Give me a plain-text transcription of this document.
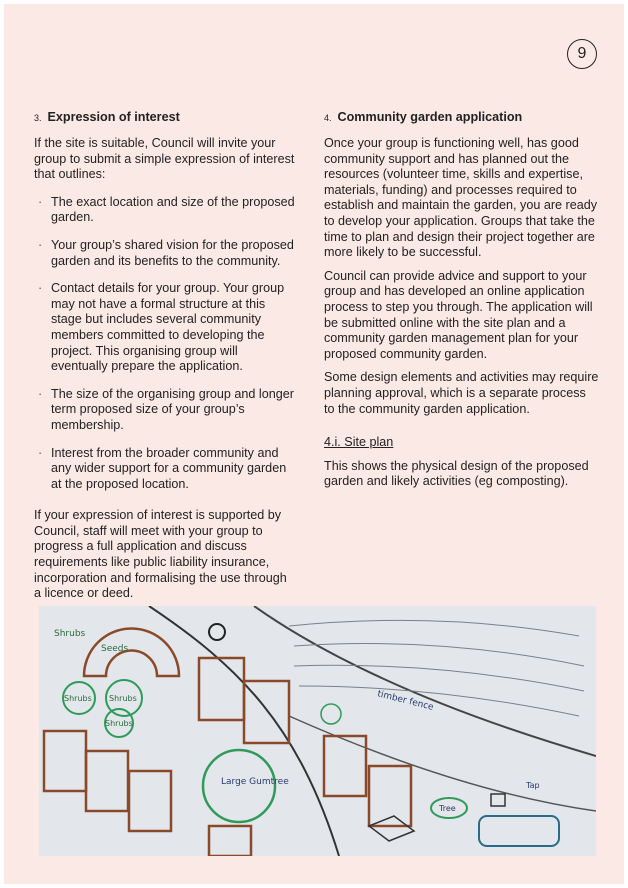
9
3. Expression of interest

If the site is suitable, Council will invite your group to submit a simple expression of interest that outlines:

· The exact location and size of the proposed garden.
· Your group’s shared vision for the proposed garden and its benefits to the community.
· Contact details for your group. Your group may not have a formal structure at this stage but includes several community members committed to developing the project. This organising group will eventually prepare the application.
· The size of the organising group and longer term proposed size of your group’s membership.
· Interest from the broader community and any wider support for a community garden at the proposed location.

If your expression of interest is supported by Council, staff will meet with your group to progress a full application and discuss requirements like public liability insurance, incorporation and formalising the use through a licence or deed.

4. Community garden application

Once your group is functioning well, has good community support and has planned out the resources (volunteer time, skills and expertise, materials, funding) and processes required to establish and maintain the garden, you are ready to develop your application. Groups that take the time to plan and design their project together are more likely to be successful.

Council can provide advice and support to your group and has developed an online application process to step you through. The application will be submitted online with the site plan and a community garden management plan for your proposed community garden.

Some design elements and activities may require planning approval, which is a separate process to the community garden application.

4.i. Site plan

This shows the physical design of the proposed garden and likely activities (eg composting).

Seeds
Shrubs
Shrubs Shrubs
Shrubs
Large Gumtree
Tree
Tap
timber fence
